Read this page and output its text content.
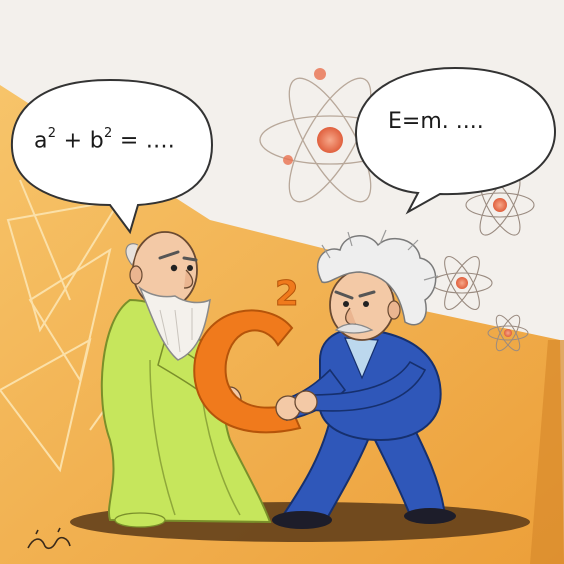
2
$a^2 + b^2$ = ....
E=m. ....
